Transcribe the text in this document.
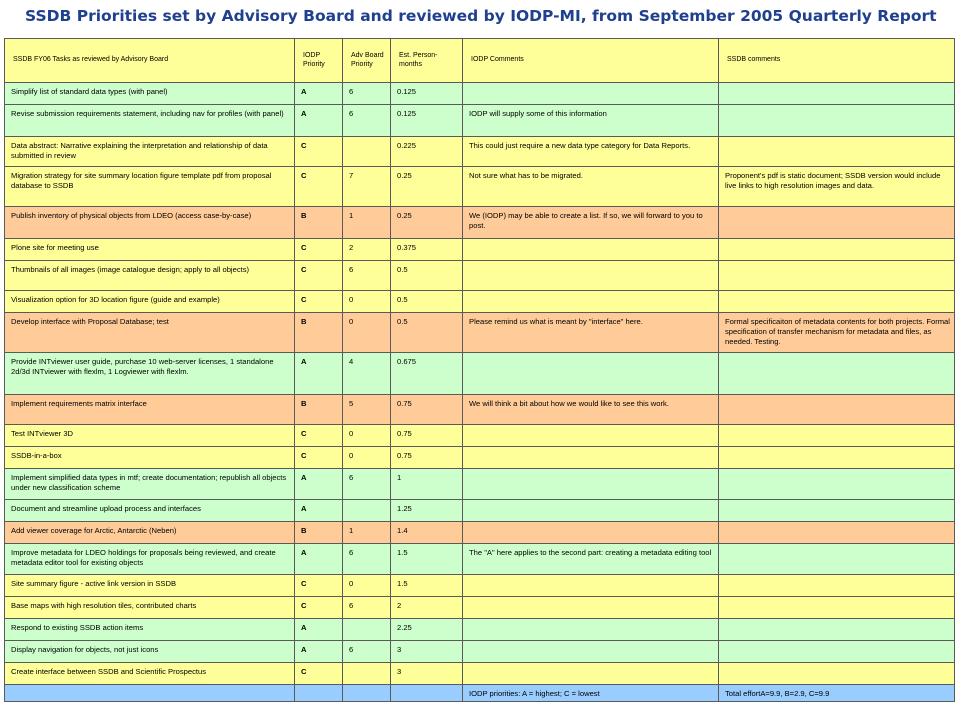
SSDB Priorities set by Advisory Board and reviewed by IODP-MI, from September 2005 Quarterly Report
SSDB FY06 Tasks as reviewed by Advisory Board	IODP Priority	Adv Board Priority	Est. Person-months	IODP Comments	SSDB comments
Simplify list of standard data types (with panel)	A	6	0.125		
Revise submission requirements statement, including nav for profiles (with panel)	A	6	0.125	IODP will supply some of this information	
Data abstract: Narrative explaining the interpretation and relationship of data submitted in review	C		0.225	This could just require a new data type category for Data Reports.	
Migration strategy for site summary location figure template pdf from proposal database to SSDB	C	7	0.25	Not sure what has to be migrated.	Proponent's pdf is static document; SSDB version would include live links to high resolution images and data.
Publish inventory of physical objects from LDEO (access case-by-case)	B	1	0.25	We (IODP) may be able to create a list. If so, we will forward to you to post.	
Plone site for meeting use	C	2	0.375		
Thumbnails of all images (image catalogue design; apply to all objects)	C	6	0.5		
Visualization option for 3D location figure (guide and example)	C	0	0.5		
Develop interface with Proposal Database; test	B	0	0.5	Please remind us what is meant by "interface" here.	Formal specificaiton of metadata contents for both projects. Formal specification of transfer mechanism for metadata and files, as needed. Testing.
Provide INTviewer user guide, purchase 10 web-server licenses, 1 standalone 2d/3d INTviewer with flexlm, 1 Logviewer with flexlm.	A	4	0.675		
Implement requirements matrix interface	B	5	0.75	We will think a bit about how we would like to see this work.	
Test INTviewer 3D	C	0	0.75		
SSDB-in-a-box	C	0	0.75		
Implement simplified data types in mtf; create documentation; republish all objects under new classification scheme	A	6	1		
Document and streamline upload process and interfaces	A		1.25		
Add viewer coverage for Arctic, Antarctic (Neben)	B	1	1.4		
Improve metadata for LDEO holdings for proposals being reviewed, and create metadata editor tool for existing objects	A	6	1.5	The "A" here applies to the second part: creating a metadata editing tool	
Site summary figure - active link version in SSDB	C	0	1.5		
Base maps with high resolution tiles, contributed charts	C	6	2		
Respond to existing SSDB action items	A		2.25		
Display navigation for objects, not just icons	A	6	3		
Create interface between SSDB and Scientific Prospectus	C		3		
				IODP priorities: A = highest; C = lowest	Total effortA=9.9, B=2.9, C=9.9
